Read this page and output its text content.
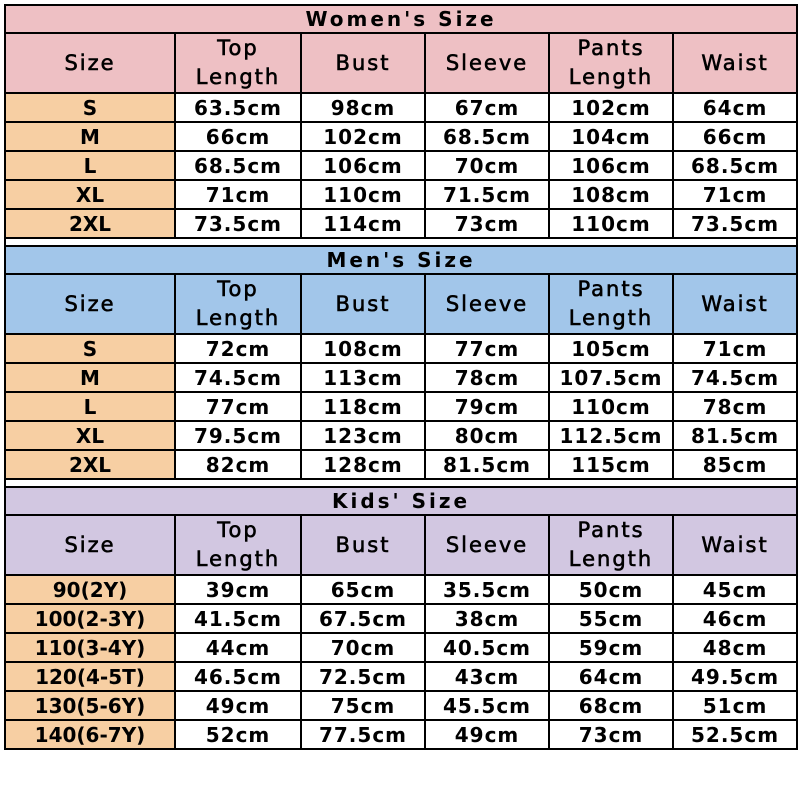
Women's Size					
Size	Top Length	Bust	Sleeve	Pants Length	Waist
S	63.5cm	98cm	67cm	102cm	64cm
M	66cm	102cm	68.5cm	104cm	66cm
L	68.5cm	106cm	70cm	106cm	68.5cm
XL	71cm	110cm	71.5cm	108cm	71cm
2XL	73.5cm	114cm	73cm	110cm	73.5cm

Men's Size					
Size	Top Length	Bust	Sleeve	Pants Length	Waist
S	72cm	108cm	77cm	105cm	71cm
M	74.5cm	113cm	78cm	107.5cm	74.5cm
L	77cm	118cm	79cm	110cm	78cm
XL	79.5cm	123cm	80cm	112.5cm	81.5cm
2XL	82cm	128cm	81.5cm	115cm	85cm

Kids' Size					
Size	Top Length	Bust	Sleeve	Pants Length	Waist
90(2Y)	39cm	65cm	35.5cm	50cm	45cm
100(2-3Y)	41.5cm	67.5cm	38cm	55cm	46cm
110(3-4Y)	44cm	70cm	40.5cm	59cm	48cm
120(4-5T)	46.5cm	72.5cm	43cm	64cm	49.5cm
130(5-6Y)	49cm	75cm	45.5cm	68cm	51cm
140(6-7Y)	52cm	77.5cm	49cm	73cm	52.5cm
